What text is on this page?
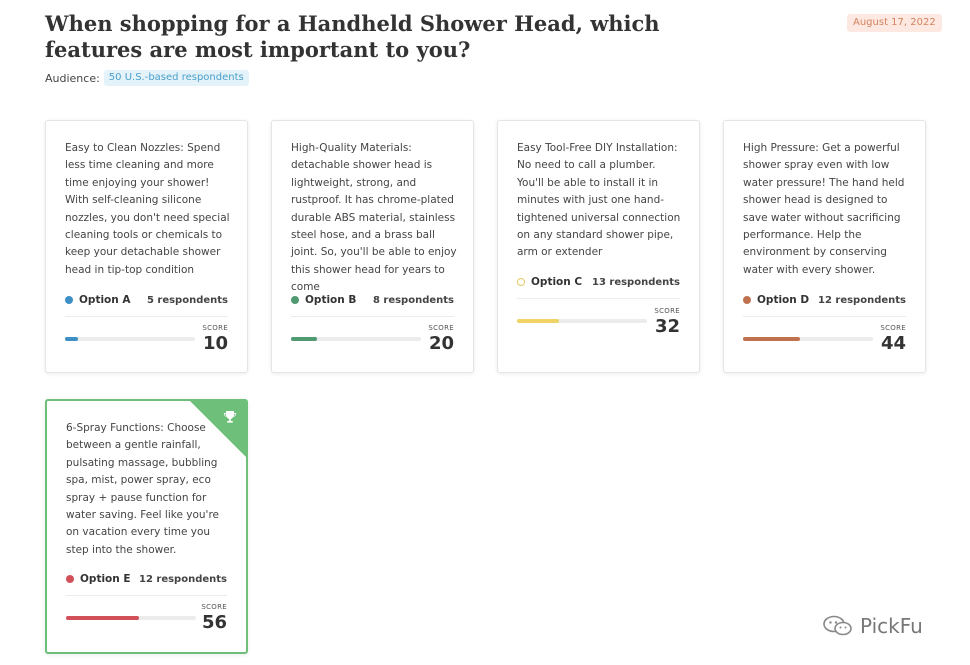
When shopping for a Handheld Shower Head, which features are most important to you?
August 17, 2022
Audience: 50 U.S.-based respondents
Easy to Clean Nozzles: Spend less time cleaning and more time enjoying your shower! With self-cleaning silicone nozzles, you don't need special cleaning tools or chemicals to keep your detachable shower head in tip-top condition
Option A 5 respondents
SCORE
10
High-Quality Materials: detachable shower head is lightweight, strong, and rustproof. It has chrome-plated durable ABS material, stainless steel hose, and a brass ball joint. So, you'll be able to enjoy this shower head for years to come
Option B 8 respondents
SCORE
20
Easy Tool-Free DIY Installation: No need to call a plumber. You'll be able to install it in minutes with just one hand-tightened universal connection on any standard shower pipe, arm or extender
Option C 13 respondents
SCORE
32
High Pressure: Get a powerful shower spray even with low water pressure! The hand held shower head is designed to save water without sacrificing performance. Help the environment by conserving water with every shower.
Option D 12 respondents
SCORE
44
6-Spray Functions: Choose between a gentle rainfall, pulsating massage, bubbling spa, mist, power spray, eco spray + pause function for water saving. Feel like you're on vacation every time you step into the shower.
Option E 12 respondents
SCORE
56	PickFu
